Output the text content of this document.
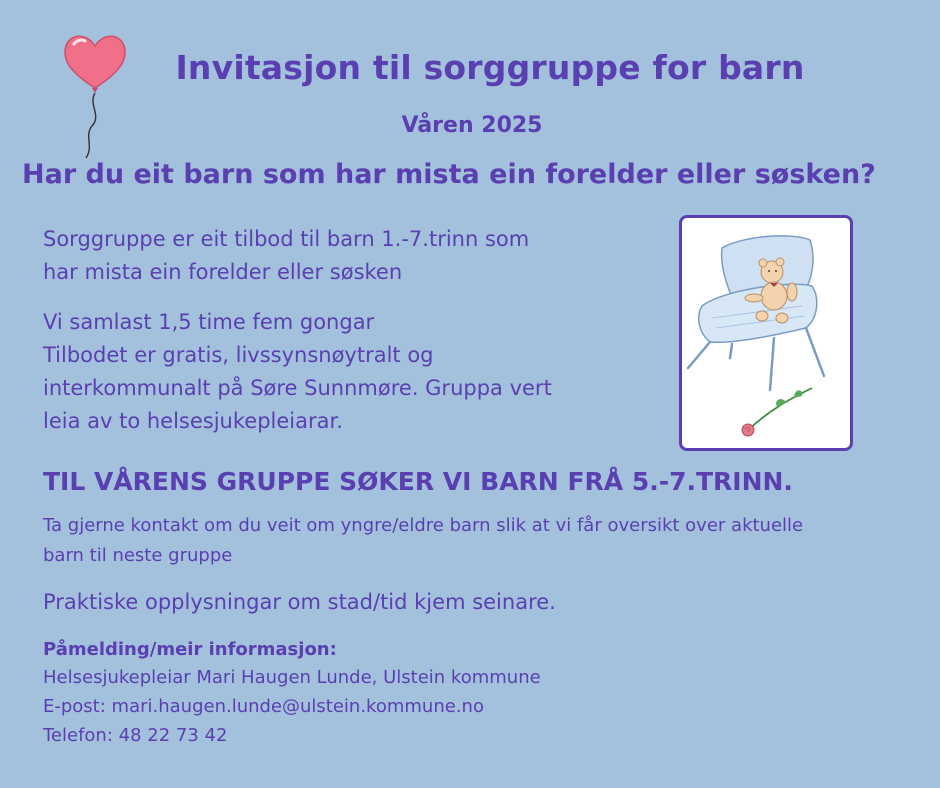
Invitasjon til sorggruppe for barn
Våren 2025
Har du eit barn som har mista ein forelder eller søsken?
Sorggruppe er eit tilbod til barn 1.-7.trinn som
har mista ein forelder eller søsken
Vi samlast 1,5 time fem gongar
Tilbodet er gratis, livssynsnøytralt og
interkommunalt på Søre Sunnmøre. Gruppa vert
leia av to helsesjukepleiarar.
TIL VÅRENS GRUPPE SØKER VI BARN FRÅ 5.-7.TRINN.
Ta gjerne kontakt om du veit om yngre/eldre barn slik at vi får oversikt over aktuelle
barn til neste gruppe

Praktiske opplysningar om stad/tid kjem seinare.

Påmelding/meir informasjon:

Helsesjukepleiar Mari Haugen Lunde, Ulstein kommune

E-post: mari.haugen.lunde@ulstein.kommune.no

Telefon: 48 22 73 42
